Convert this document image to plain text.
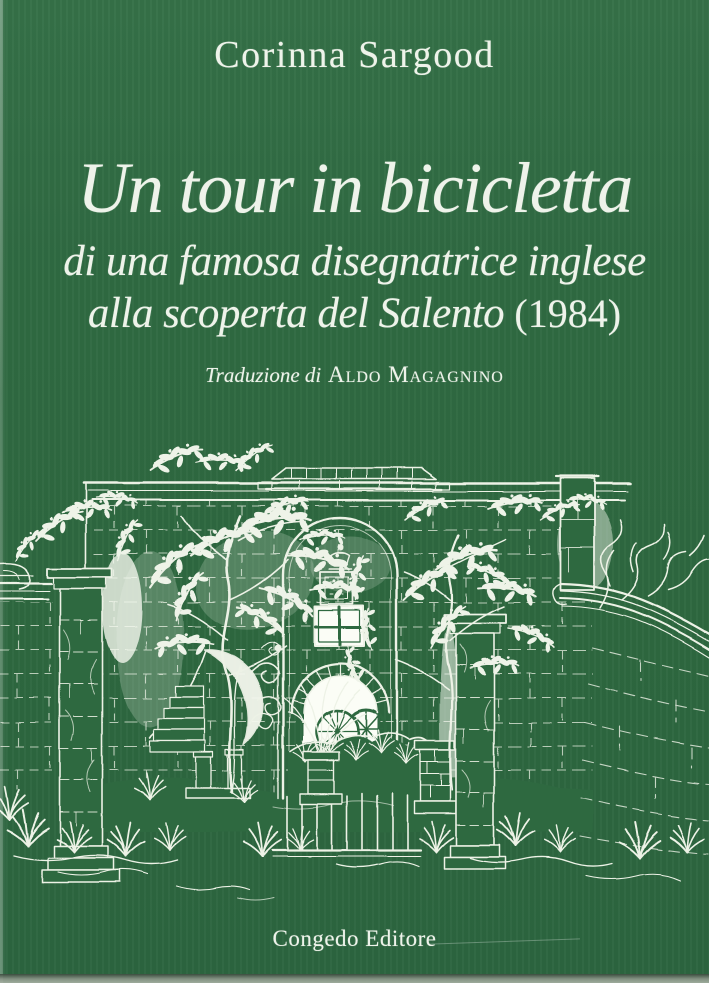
Corinna Sargood
Un tour in bicicletta
di una famosa disegnatrice inglese
alla scoperta del Salento (1984)
Traduzione di Aldo Magagnino
Congedo Editore
